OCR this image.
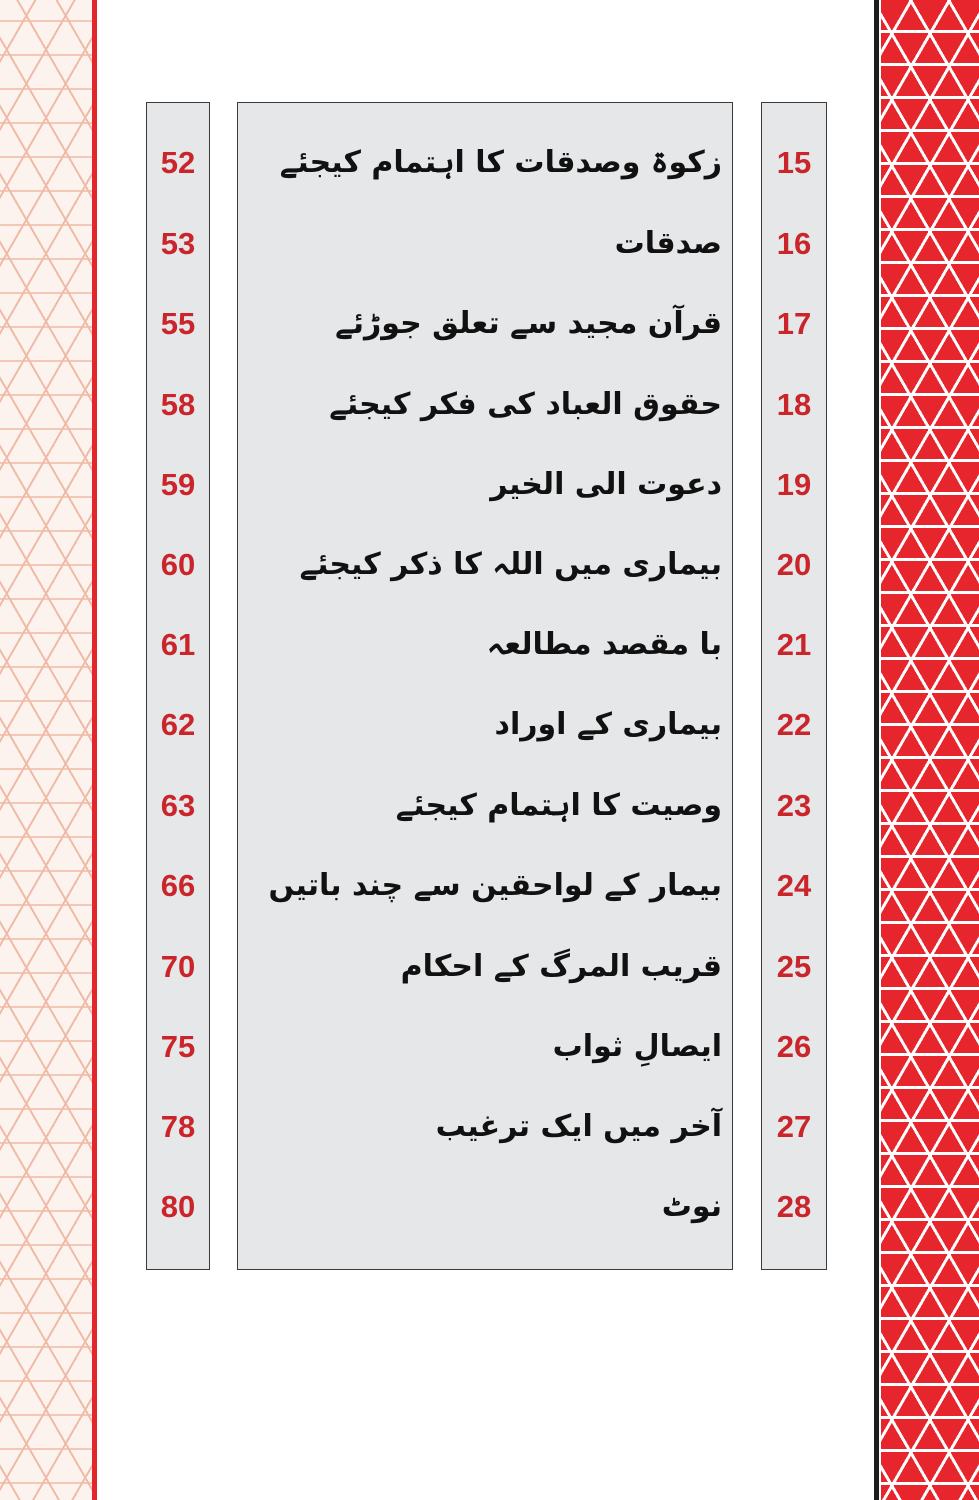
52
53
55
58
59
60
61
62
63
66
70
75
78
80
زکوۃ وصدقات کا اہتمام کیجئے
صدقات
قرآن مجید سے تعلق جوڑئے
حقوق العباد کی فکر کیجئے
دعوت الی الخیر
بیماری میں اللہ کا ذکر کیجئے
با مقصد مطالعہ
بیماری کے اوراد
وصیت کا اہتمام کیجئے
بیمار کے لواحقین سے چند باتیں
قریب المرگ کے احکام
ایصالِ ثواب
آخر میں ایک ترغیب
نوٹ
15
16
17
18
19
20
21
22
23
24
25
26
27
28
